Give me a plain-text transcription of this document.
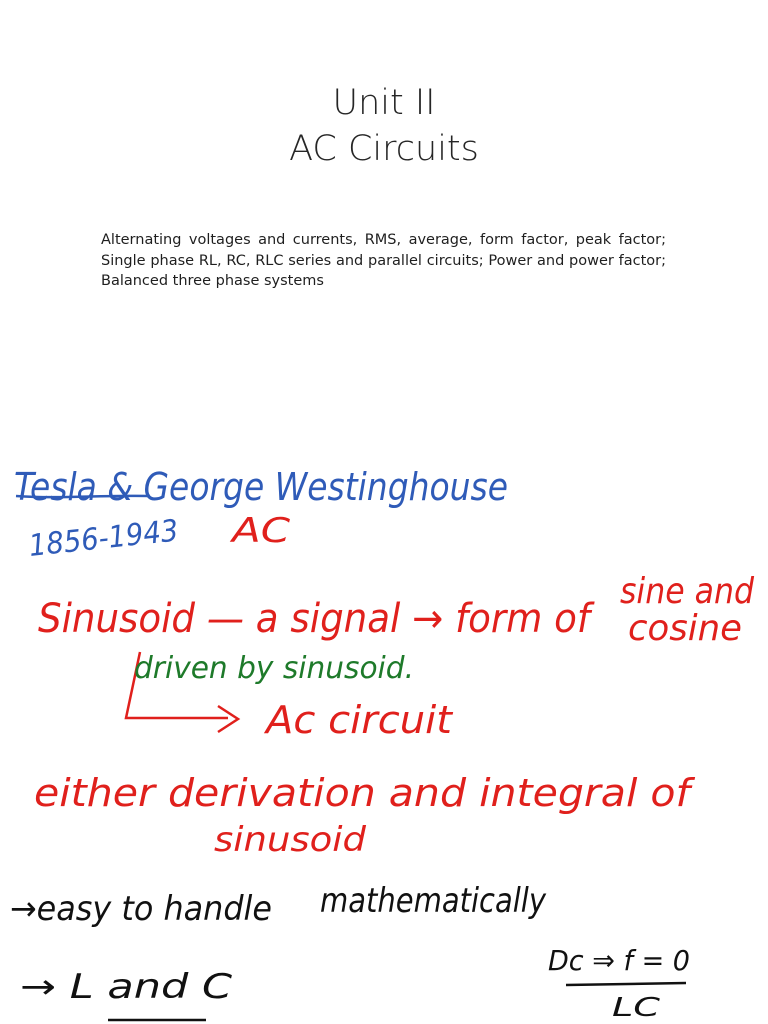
Unit II
AC Circuits
Alternating voltages and currents, RMS, average, form factor, peak factor; Single phase RL, RC, RLC series and parallel circuits; Power and power factor; Balanced three phase systems
Tesla & George Westinghouse
1856-1943 AC
Sinusoid — a signal → form of
sine and
cosine
Ac circuit
either derivation and integral of
sinusoid
driven by sinusoid.
→easy to handle mathematically
→ L and C
Dc ⇒ f = 0
LC
